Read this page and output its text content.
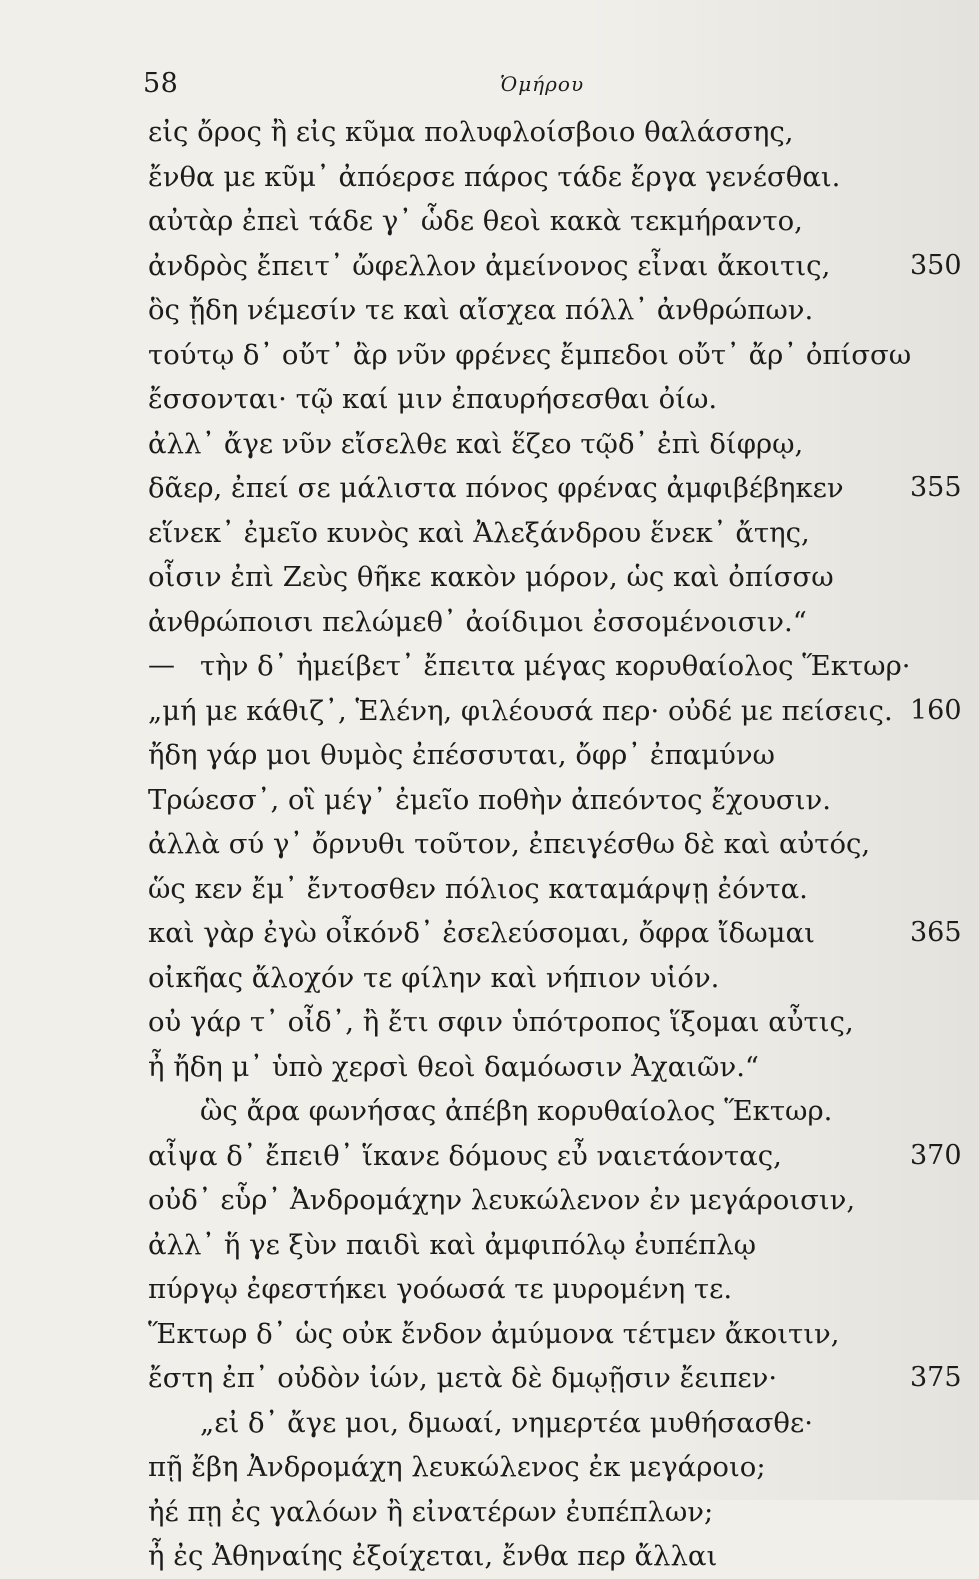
58	Ὁμήρου
εἰς ὄρος ἢ εἰς κῦμα πολυφλοίσβοιο θαλάσσης,
ἔνθα με κῦμ᾽ ἀπόερσε πάρος τάδε ἔργα γενέσθαι.
αὐτὰρ ἐπεὶ τάδε γ᾽ ὧδε θεοὶ κακὰ τεκμήραντο,
ἀνδρὸς ἔπειτ᾽ ὤφελλον ἀμείνονος εἶναι ἄκοιτις,	350
ὃς ᾔδη νέμεσίν τε καὶ αἴσχεα πόλλ᾽ ἀνθρώπων.
τούτῳ δ᾽ οὔτ᾽ ἂρ νῦν φρένες ἔμπεδοι οὔτ᾽ ἄρ᾽ ὀπίσσω
ἔσσονται· τῷ καί μιν ἐπαυρήσεσθαι ὀίω.
ἀλλ᾽ ἄγε νῦν εἴσελθε καὶ ἕζεο τῷδ᾽ ἐπὶ δίφρῳ,
δᾶερ, ἐπεί σε μάλιστα πόνος φρένας ἀμφιβέβηκεν 355
εἵνεκ᾽ ἐμεῖο κυνὸς καὶ Ἀλεξάνδρου ἕνεκ᾽ ἄτης,
οἷσιν ἐπὶ Ζεὺς θῆκε κακὸν μόρον, ὡς καὶ ὀπίσσω
ἀνθρώποισι πελώμεθ᾽ ἀοίδιμοι ἐσσομένοισιν.“
— τὴν δ᾽ ἠμείβετ᾽ ἔπειτα μέγας κορυθαίολος Ἕκτωρ·
„μή με κάθιζ᾽, Ἑλένη, φιλέουσά περ· οὐδέ με πείσεις. 160
ἤδη γάρ μοι θυμὸς ἐπέσσυται, ὄφρ᾽ ἐπαμύνω
Τρώεσσ᾽, οἳ μέγ᾽ ἐμεῖο ποθὴν ἀπεόντος ἔχουσιν.
ἀλλὰ σύ γ᾽ ὄρνυθι τοῦτον, ἐπειγέσθω δὲ καὶ αὐτός,
ὥς κεν ἔμ᾽ ἔντοσθεν πόλιος καταμάρψῃ ἐόντα.
καὶ γὰρ ἐγὼ οἶκόνδ᾽ ἐσελεύσομαι, ὄφρα ἴδωμαι	365
οἰκῆας ἄλοχόν τε φίλην καὶ νήπιον υἱόν.
οὐ γάρ τ᾽ οἶδ᾽, ἢ ἔτι σφιν ὑπότροπος ἵξομαι αὖτις,
ἦ ἤδη μ᾽ ὑπὸ χερσὶ θεοὶ δαμόωσιν Ἀχαιῶν.“
ὣς ἄρα φωνήσας ἀπέβη κορυθαίολος Ἕκτωρ.
αἶψα δ᾽ ἔπειθ᾽ ἵκανε δόμους εὖ ναιετάοντας,	370
οὐδ᾽ εὗρ᾽ Ἀνδρομάχην λευκώλενον ἐν μεγάροισιν,
ἀλλ᾽ ἥ γε ξὺν παιδὶ καὶ ἀμφιπόλῳ ἐυπέπλῳ
πύργῳ ἐφεστήκει γοόωσά τε μυρομένη τε.
Ἕκτωρ δ᾽ ὡς οὐκ ἔνδον ἀμύμονα τέτμεν ἄκοιτιν,
ἔστη ἐπ᾽ οὐδὸν ἰών, μετὰ δὲ δμῳῇσιν ἔειπεν·	375
„εἰ δ᾽ ἄγε μοι, δμωαί, νημερτέα μυθήσασθε·
πῇ ἔβη Ἀνδρομάχη λευκώλενος ἐκ μεγάροιο;
ἠέ πῃ ἐς γαλόων ἢ εἰνατέρων ἐυπέπλων;
ἦ ἐς Ἀθηναίης ἐξοίχεται, ἔνθα περ ἄλλαι
